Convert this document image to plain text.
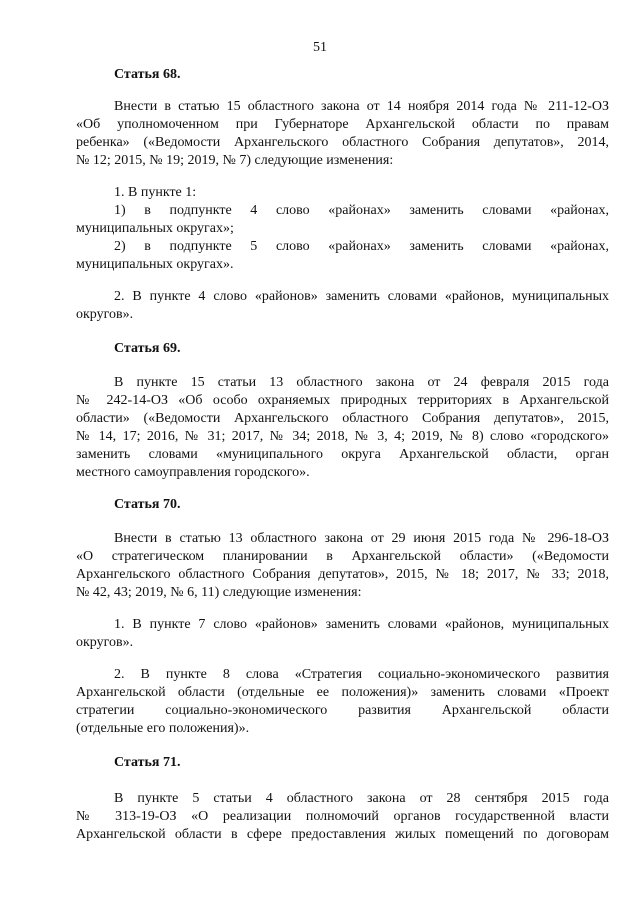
51
Статья 68.
Внести в статью 15 областного закона от 14 ноября 2014 года № 211-12-ОЗ
«Об уполномоченном при Губернаторе Архангельской области по правам
ребенка» («Ведомости Архангельского областного Собрания депутатов», 2014,
№ 12; 2015, № 19; 2019, № 7) следующие изменения:
1. В пункте 1:
1) в подпункте 4 слово «районах» заменить словами «районах,
муниципальных округах»;
2) в подпункте 5 слово «районах» заменить словами «районах,
муниципальных округах».
2. В пункте 4 слово «районов» заменить словами «районов, муниципальных
округов».
Статья 69.
В пункте 15 статьи 13 областного закона от 24 февраля 2015 года
№ 242-14-ОЗ «Об особо охраняемых природных территориях в Архангельской
области» («Ведомости Архангельского областного Собрания депутатов», 2015,
№ 14, 17; 2016, № 31; 2017, № 34; 2018, № 3, 4; 2019, № 8) слово «городского»
заменить словами «муниципального округа Архангельской области, орган
местного самоуправления городского».
Статья 70.
Внести в статью 13 областного закона от 29 июня 2015 года № 296-18-ОЗ
«О стратегическом планировании в Архангельской области» («Ведомости
Архангельского областного Собрания депутатов», 2015, № 18; 2017, № 33; 2018,
№ 42, 43; 2019, № 6, 11) следующие изменения:
1. В пункте 7 слово «районов» заменить словами «районов, муниципальных
округов».
2. В пункте 8 слова «Стратегия социально-экономического развития
Архангельской области (отдельные ее положения)» заменить словами «Проект
стратегии социально-экономического развития Архангельской области
(отдельные его положения)».
Статья 71.
В пункте 5 статьи 4 областного закона от 28 сентября 2015 года
№ 313-19-ОЗ «О реализации полномочий органов государственной власти
Архангельской области в сфере предоставления жилых помещений по договорам
